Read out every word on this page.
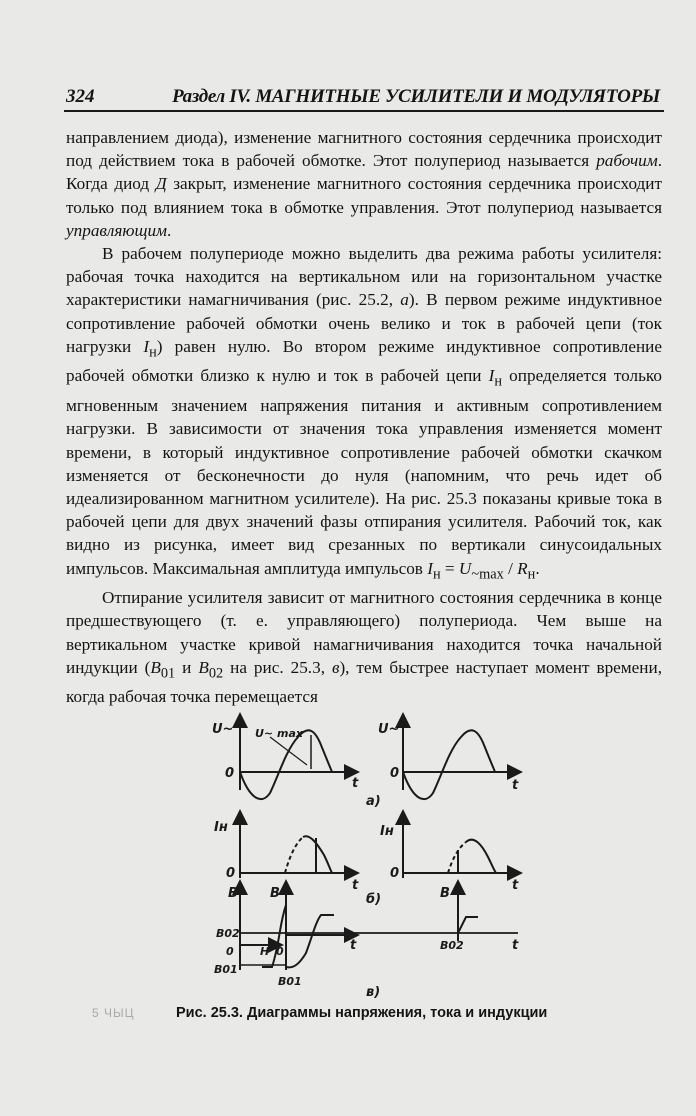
324	Раздел IV. МАГНИТНЫЕ УСИЛИТЕЛИ И МОДУЛЯТОРЫ

направлением диода), изменение магнитного состояния сердечника происходит под действием тока в рабочей обмотке. Этот полупериод называется рабочим. Когда диод Д закрыт, изменение магнитного состояния сердечника происходит только под влиянием тока в обмотке управления. Этот полупериод называется управляющим.

В рабочем полупериоде можно выделить два режима работы усилителя: рабочая точка находится на вертикальном или на горизонтальном участке характеристики намагничивания (рис. 25.2, а). В первом режиме индуктивное сопротивление рабочей обмотки очень велико и ток в рабочей цепи (ток нагрузки $I_н$) равен нулю. Во втором режиме индуктивное сопротивление рабочей обмотки близко к нулю и ток в рабочей цепи $I_н$ определяется только мгновенным значением напряжения питания и активным сопротивлением нагрузки. В зависимости от значения тока управления изменяется момент времени, в который индуктивное сопротивление рабочей обмотки скачком изменяется от бесконечности до нуля (напомним, что речь идет об идеализированном магнитном усилителе). На рис. 25.3 показаны кривые тока в рабочей цепи для двух значений фазы отпирания усилителя. Рабочий ток, как видно из рисунка, имеет вид срезанных по вертикали синусоидальных импульсов. Максимальная амплитуда импульсов $I_н = U_{\sim max} / R_н$.

Отпирание усилителя зависит от магнитного состояния сердечника в конце предшествующего (т. е. управляющего) полупериода. Чем выше на вертикальном участке кривой намагничивания находится точка начальной индукции ($B_{01}$ и $B_{02}$ на рис. 25.3, в), тем быстрее наступает момент времени, когда рабочая точка перемещается

U~ U~ max	U~
0	0
t	t
а)
Iн	Iн
0	0
t	t
б)
B B	B
B02
0 H 0
B01
B01
t	B02	t
в)
5 ЧЫЦ	Рис. 25.3. Диаграммы напряжения, тока и индукции
